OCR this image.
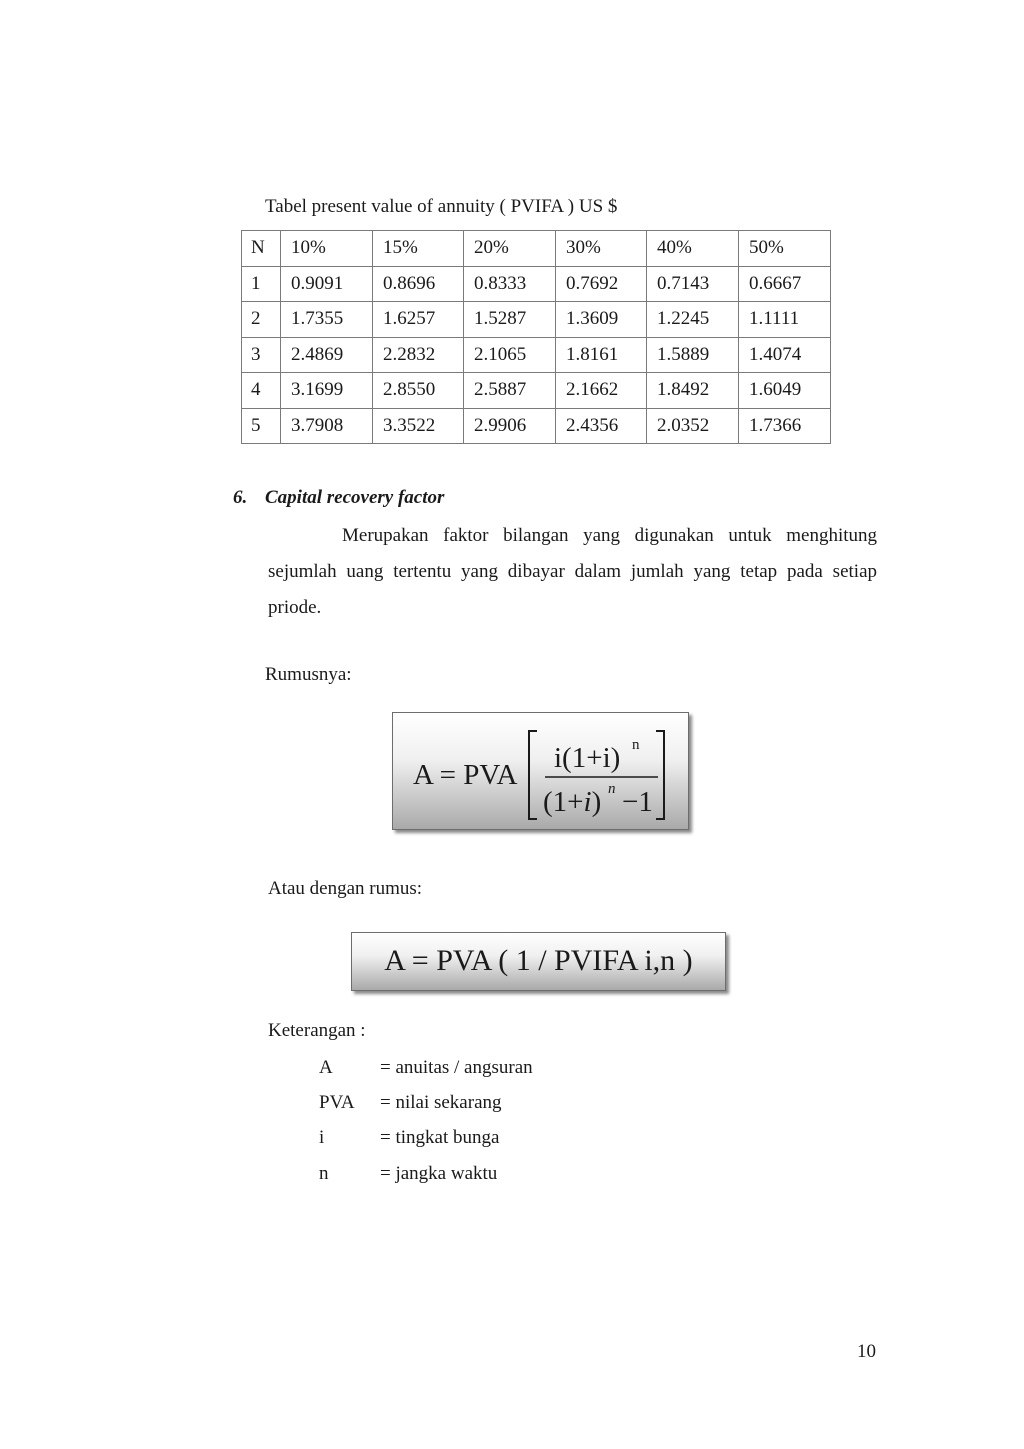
Tabel present value of annuity ( PVIFA ) US $
N	10%	15%	20%	30%	40%	50%
1	0.9091	0.8696	0.8333	0.7692	0.7143	0.6667
2	1.7355	1.6257	1.5287	1.3609	1.2245	1.1111
3	2.4869	2.2832	2.1065	1.8161	1.5889	1.4074
4	3.1699	2.8550	2.5887	2.1662	1.8492	1.6049
5	3.7908	3.3522	2.9906	2.4356	2.0352	1.7366
6. Capital recovery factor
Merupakan faktor bilangan yang digunakan untuk menghitung sejumlah uang tertentu yang dibayar dalam jumlah yang tetap pada setiap priode.
Rumusnya:
A = PVA
i(1+i) n
(1+i) n −1
Atau dengan rumus:
A = PVA ( 1 / PVIFA i,n )
Keterangan :
A = anuitas / angsuran
PVA = nilai sekarang
i	= tingkat bunga
n	= jangka waktu
10
